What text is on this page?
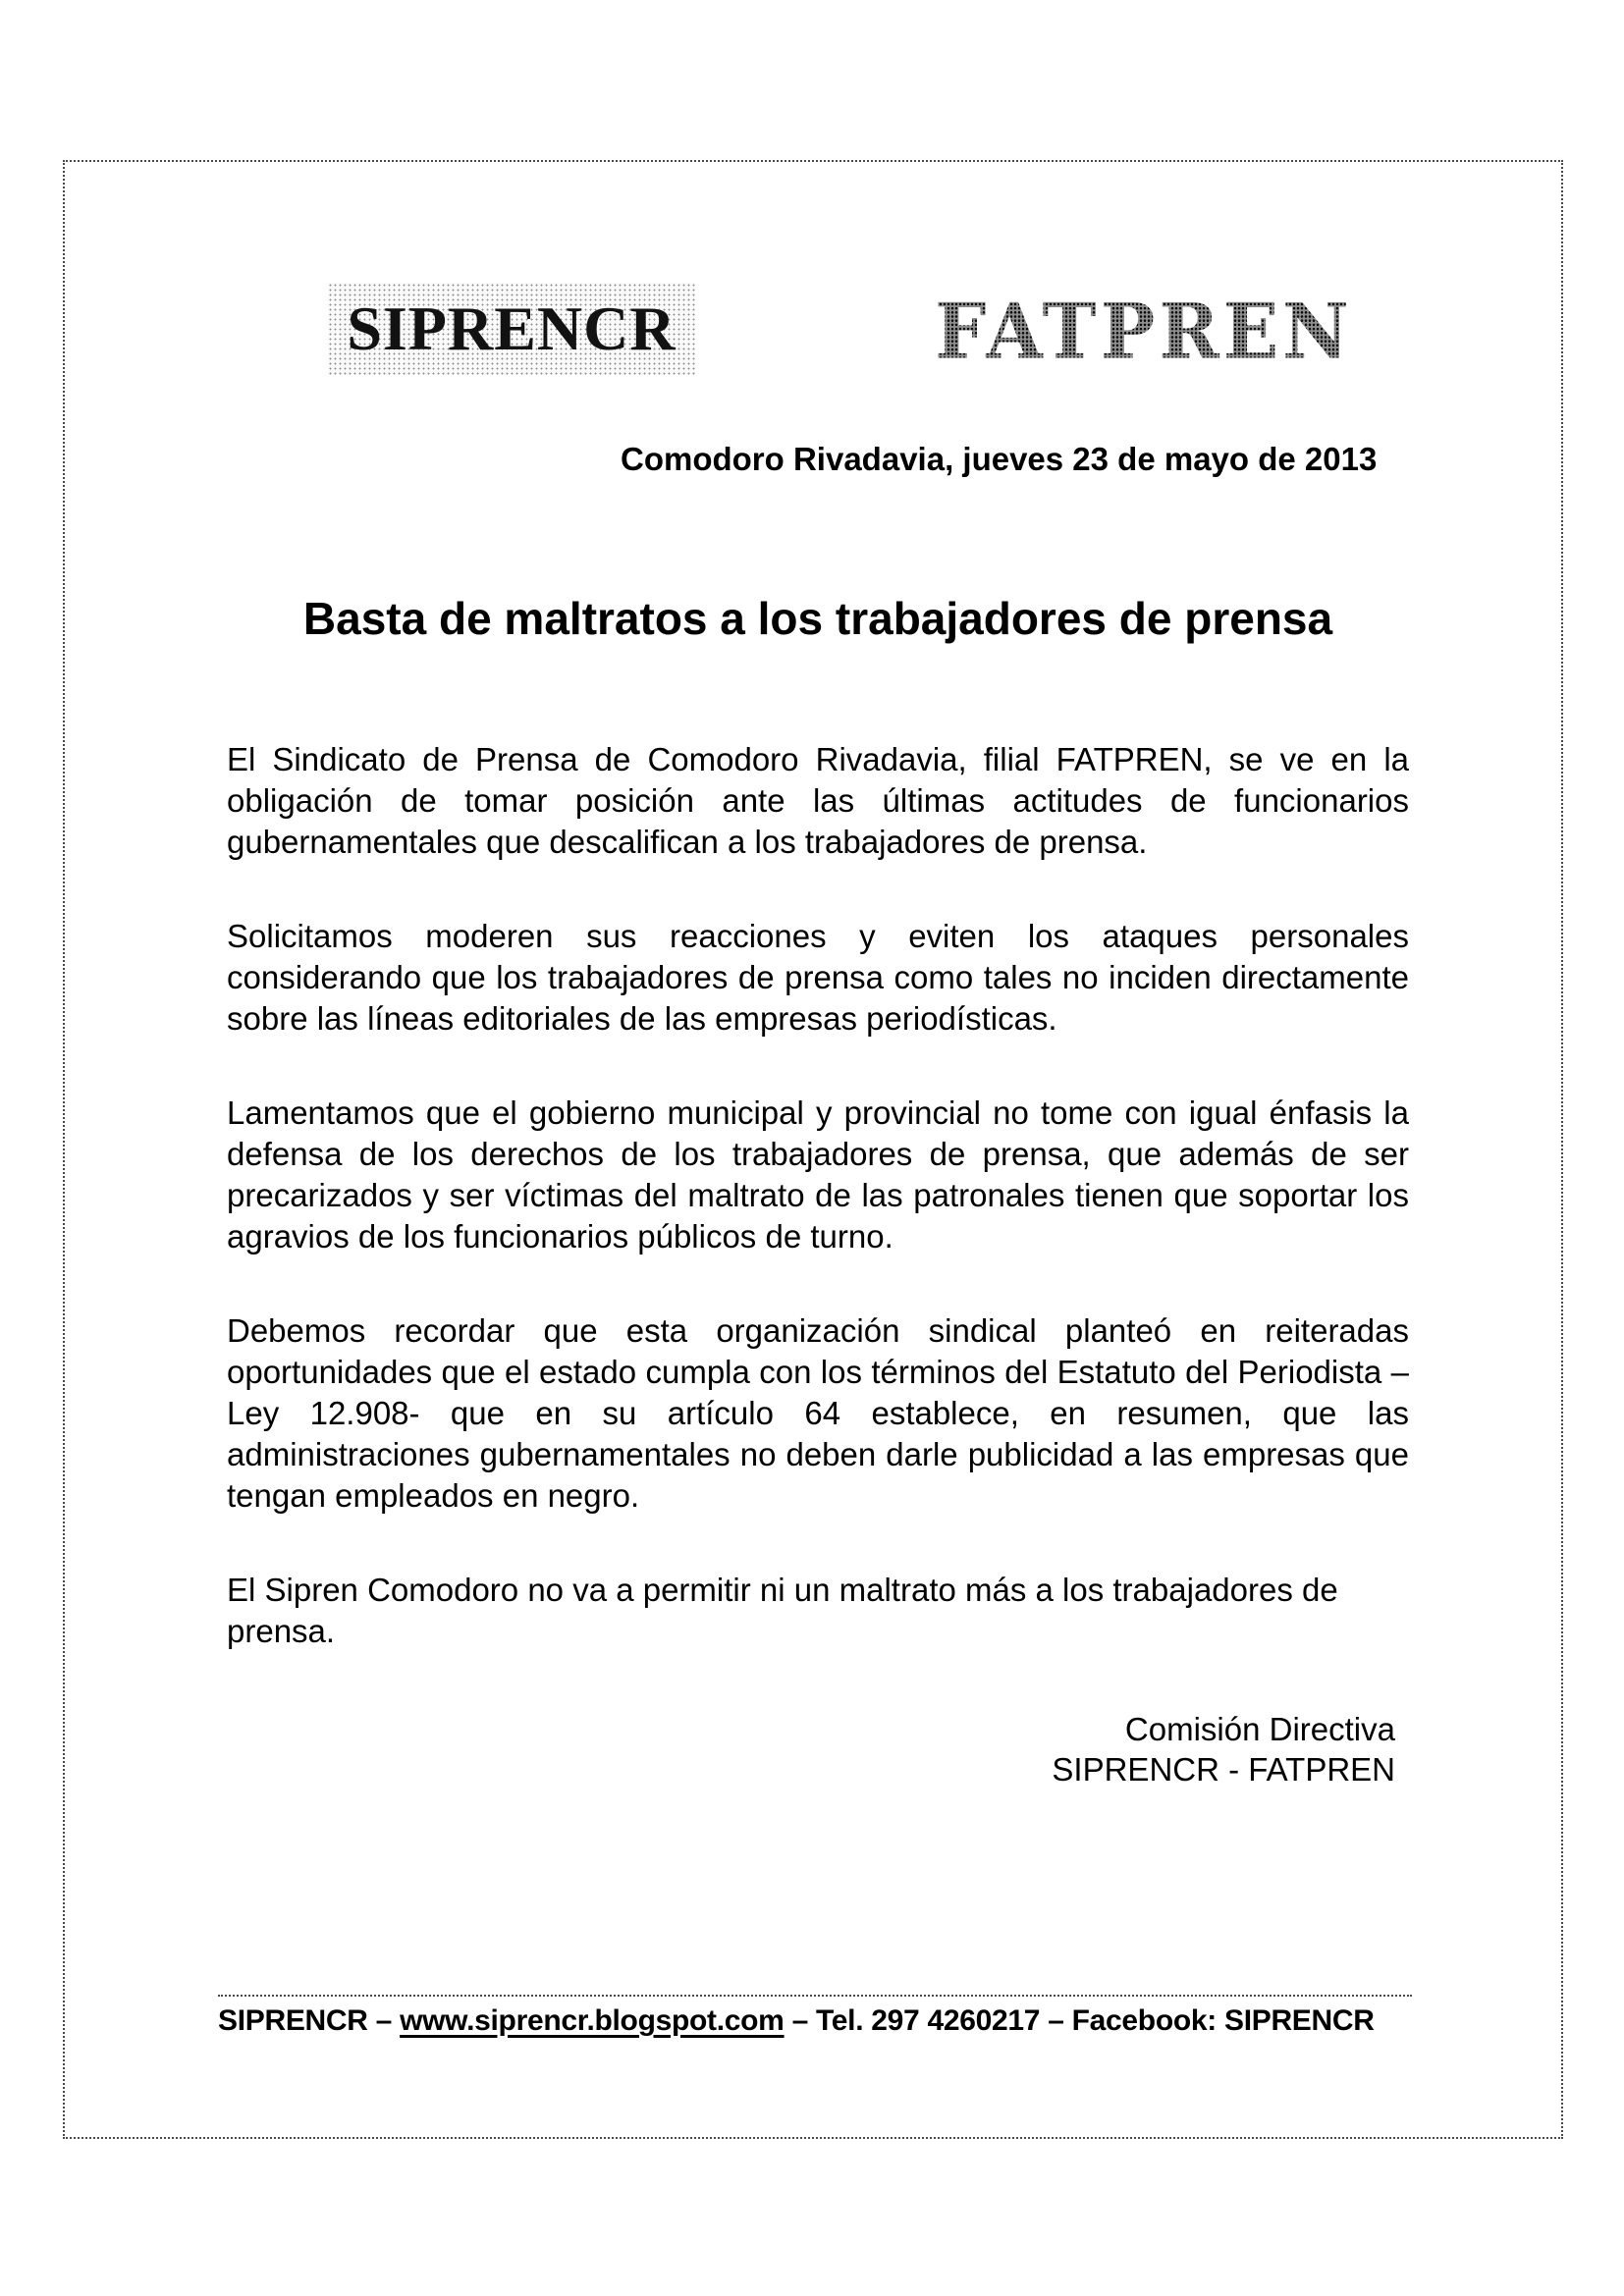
SIPRENCR	FATPREN
Comodoro Rivadavia, jueves 23 de mayo de 2013
Basta de maltratos a los trabajadores de prensa

El Sindicato de Prensa de Comodoro Rivadavia, filial FATPREN, se ve en la obligación de tomar posición ante las últimas actitudes de funcionarios gubernamentales que descalifican a los trabajadores de prensa.

Solicitamos moderen sus reacciones y eviten los ataques personales considerando que los trabajadores de prensa como tales no inciden directamente sobre las líneas editoriales de las empresas periodísticas.

Lamentamos que el gobierno municipal y provincial no tome con igual énfasis la defensa de los derechos de los trabajadores de prensa, que además de ser precarizados y ser víctimas del maltrato de las patronales tienen que soportar los agravios de los funcionarios públicos de turno.

Debemos recordar que esta organización sindical planteó en reiteradas oportunidades que el estado cumpla con los términos del Estatuto del Periodista –Ley 12.908- que en su artículo 64 establece, en resumen, que las administraciones gubernamentales no deben darle publicidad a las empresas que tengan empleados en negro.

El Sipren Comodoro no va a permitir ni un maltrato más a los trabajadores de prensa.

Comisión Directiva
SIPRENCR - FATPREN
SIPRENCR – www.siprencr.blogspot.com – Tel. 297 4260217 – Facebook: SIPRENCR
